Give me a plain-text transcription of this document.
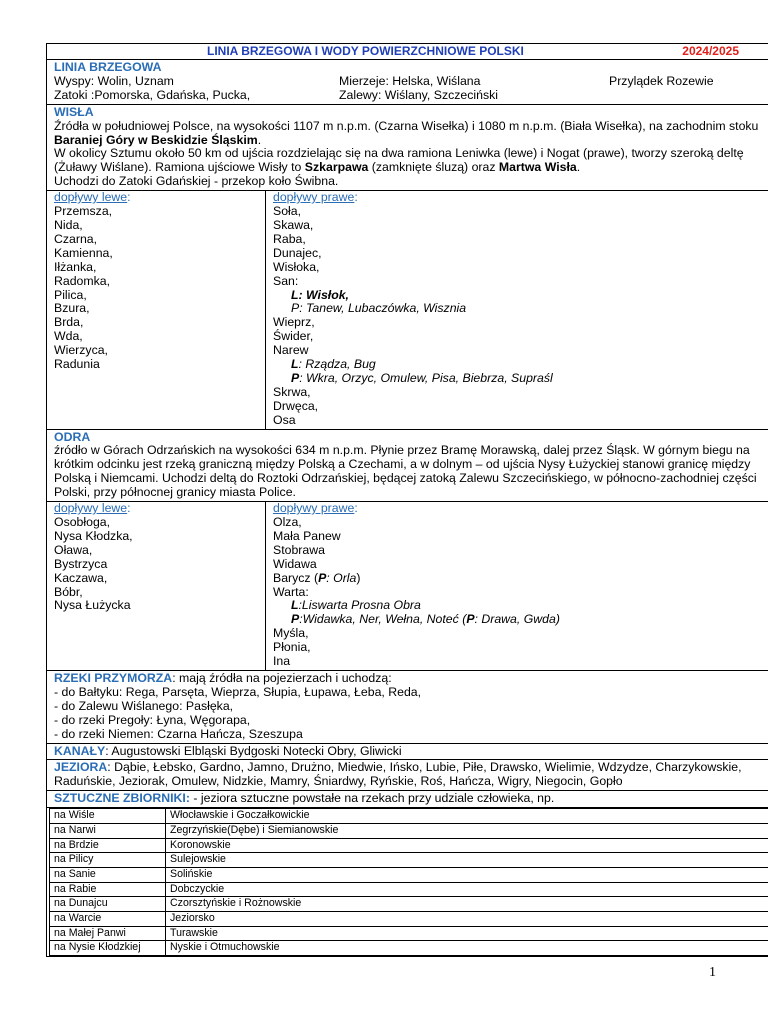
LINIA BRZEGOWA I WODY POWIERZCHNIOWE POLSKI	2024/2025
LINIA BRZEGOWA
Wyspy: Wolin, Uznam	Mierzeje: Helska, Wiślana	Przylądek Rozewie
Zatoki :Pomorska, Gdańska, Pucka,	Zalewy: Wiślany, Szczeciński
WISŁA
Źródła w południowej Polsce, na wysokości 1107 m n.p.m. (Czarna Wisełka) i 1080 m n.p.m. (Biała Wisełka), na zachodnim stoku Baraniej Góry w Beskidzie Śląskim.
W okolicy Sztumu około 50 km od ujścia rozdzielając się na dwa ramiona Leniwka (lewe) i Nogat (prawe), tworzy szeroką deltę (Żuławy Wiślane). Ramiona ujściowe Wisły to Szkarpawa (zamknięte śluzą) oraz Martwa Wisła.
Uchodzi do Zatoki Gdańskiej - przekop koło Świbna.
dopływy lewe:
Przemsza,
Nida,
Czarna,
Kamienna,
Iłżanka,
Radomka,
Pilica,
Bzura,
Brda,
Wda,
Wierzyca,
Radunia
dopływy prawe:
Soła,
Skawa,
Raba,
Dunajec,
Wisłoka,
San:
L: Wisłok,
P: Tanew, Lubaczówka, Wisznia
Wieprz,
Świder,
Narew
L: Rządza, Bug
P: Wkra, Orzyc, Omulew, Pisa, Biebrza, Supraśl
Skrwa,
Drwęca,
Osa
ODRA
źródło w Górach Odrzańskich na wysokości 634 m n.p.m. Płynie przez Bramę Morawską, dalej przez Śląsk. W górnym biegu na krótkim odcinku jest rzeką graniczną między Polską a Czechami, a w dolnym – od ujścia Nysy Łużyckiej stanowi granicę między Polską i Niemcami. Uchodzi deltą do Roztoki Odrzańskiej, będącej zatoką Zalewu Szczecińskiego, w północno-zachodniej części Polski, przy północnej granicy miasta Police.
dopływy lewe:
Osobłoga,
Nysa Kłodzka,
Oława,
Bystrzyca
Kaczawa,
Bóbr,
Nysa Łużycka
dopływy prawe:
Olza,
Mała Panew
Stobrawa
Widawa
Barycz (P: Orla)
Warta:
L:Liswarta Prosna Obra
P:Widawka, Ner, Wełna, Noteć (P: Drawa, Gwda)
Myśla,
Płonia,
Ina
RZEKI PRZYMORZA: mają źródła na pojezierzach i uchodzą:
- do Bałtyku: Rega, Parsęta, Wieprza, Słupia, Łupawa, Łeba, Reda,
- do Zalewu Wiślanego: Pasłęka,
- do rzeki Pregoły: Łyna, Węgorapa,
- do rzeki Niemen: Czarna Hańcza, Szeszupa
KANAŁY: Augustowski Elbląski Bydgoski Notecki Obry, Gliwicki
JEZIORA: Dąbie, Łebsko, Gardno, Jamno, Drużno, Miedwie, Ińsko, Lubie, Piłe, Drawsko, Wielimie, Wdzydze, Charzykowskie, Raduńskie, Jeziorak, Omulew, Nidzkie, Mamry, Śniardwy, Ryńskie, Roś, Hańcza, Wigry, Niegocin, Gopło
SZTUCZNE ZBIORNIKI: - jeziora sztuczne powstałe na rzekach przy udziale człowieka, np.
na Wiśle	Włocławskie i Goczałkowickie
na Narwi	Zegrzyńskie(Dębe) i Siemianowskie
na Brdzie	Koronowskie
na Pilicy	Sulejowskie
na Sanie	Solińskie
na Rabie	Dobczyckie
na Dunajcu	Czorsztyńskie i Rożnowskie
na Warcie	Jeziorsko
na Małej Panwi	Turawskie
na Nysie Kłodzkiej	Nyskie i Otmuchowskie
1
